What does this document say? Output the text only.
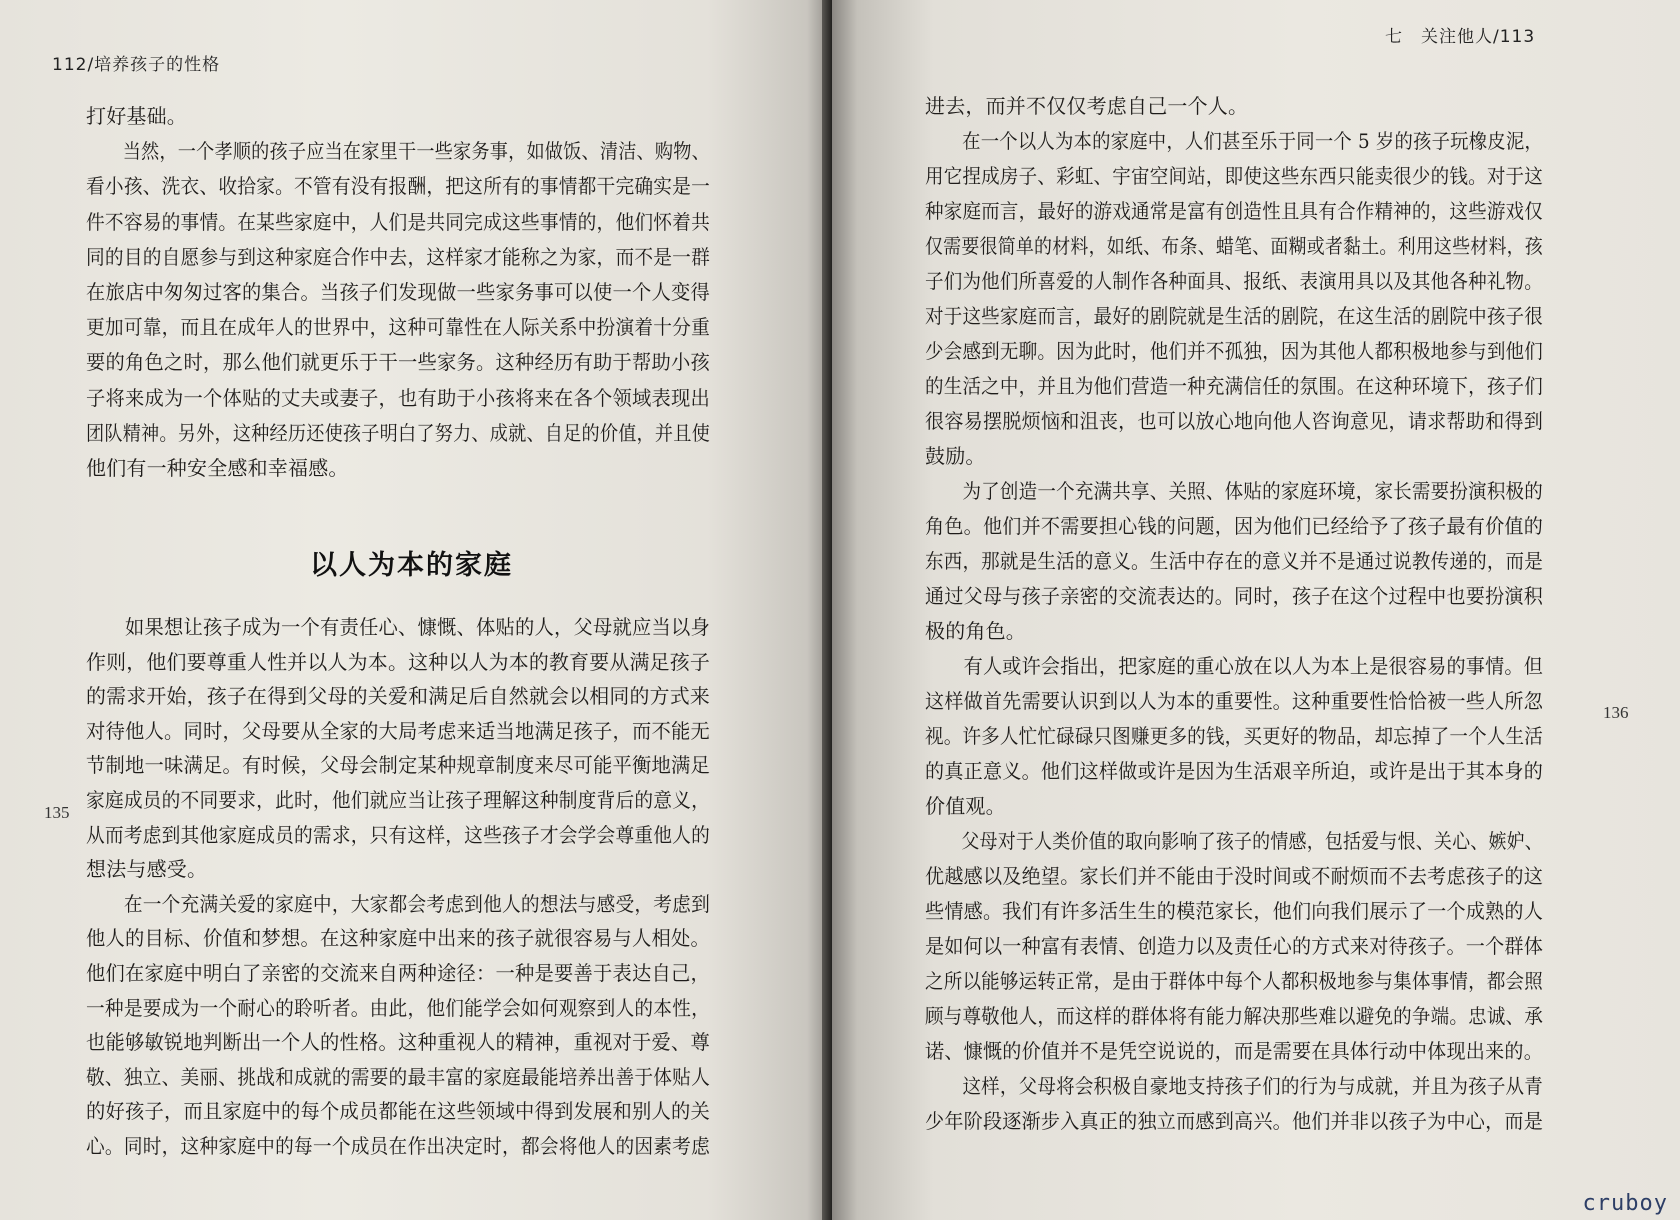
112/培养孩子的性格
135
打好基础。
　　当然，一个孝顺的孩子应当在家里干一些家务事，如做饭、清洁、购物、
看小孩、洗衣、收拾家。不管有没有报酬，把这所有的事情都干完确实是一
件不容易的事情。在某些家庭中，人们是共同完成这些事情的，他们怀着共
同的目的自愿参与到这种家庭合作中去，这样家才能称之为家，而不是一群
在旅店中匆匆过客的集合。当孩子们发现做一些家务事可以使一个人变得
更加可靠，而且在成年人的世界中，这种可靠性在人际关系中扮演着十分重
要的角色之时，那么他们就更乐于干一些家务。这种经历有助于帮助小孩
子将来成为一个体贴的丈夫或妻子，也有助于小孩将来在各个领域表现出
团队精神。另外，这种经历还使孩子明白了努力、成就、自足的价值，并且使
他们有一种安全感和幸福感。
以人为本的家庭
　　如果想让孩子成为一个有责任心、慷慨、体贴的人，父母就应当以身
作则，他们要尊重人性并以人为本。这种以人为本的教育要从满足孩子
的需求开始，孩子在得到父母的关爱和满足后自然就会以相同的方式来
对待他人。同时，父母要从全家的大局考虑来适当地满足孩子，而不能无
节制地一味满足。有时候，父母会制定某种规章制度来尽可能平衡地满足
家庭成员的不同要求，此时，他们就应当让孩子理解这种制度背后的意义，
从而考虑到其他家庭成员的需求，只有这样，这些孩子才会学会尊重他人的
想法与感受。
　　在一个充满关爱的家庭中，大家都会考虑到他人的想法与感受，考虑到
他人的目标、价值和梦想。在这种家庭中出来的孩子就很容易与人相处。
他们在家庭中明白了亲密的交流来自两种途径：一种是要善于表达自己，
一种是要成为一个耐心的聆听者。由此，他们能学会如何观察到人的本性，
也能够敏锐地判断出一个人的性格。这种重视人的精神，重视对于爱、尊
敬、独立、美丽、挑战和成就的需要的最丰富的家庭最能培养出善于体贴人
的好孩子，而且家庭中的每个成员都能在这些领域中得到发展和别人的关
心。同时，这种家庭中的每一个成员在作出决定时，都会将他人的因素考虑
七　关注他人/113
136
进去，而并不仅仅考虑自己一个人。
　　在一个以人为本的家庭中，人们甚至乐于同一个 5 岁的孩子玩橡皮泥，
用它捏成房子、彩虹、宇宙空间站，即使这些东西只能卖很少的钱。对于这
种家庭而言，最好的游戏通常是富有创造性且具有合作精神的，这些游戏仅
仅需要很简单的材料，如纸、布条、蜡笔、面糊或者黏土。利用这些材料，孩
子们为他们所喜爱的人制作各种面具、报纸、表演用具以及其他各种礼物。
对于这些家庭而言，最好的剧院就是生活的剧院，在这生活的剧院中孩子很
少会感到无聊。因为此时，他们并不孤独，因为其他人都积极地参与到他们
的生活之中，并且为他们营造一种充满信任的氛围。在这种环境下，孩子们
很容易摆脱烦恼和沮丧，也可以放心地向他人咨询意见，请求帮助和得到
鼓励。
　　为了创造一个充满共享、关照、体贴的家庭环境，家长需要扮演积极的
角色。他们并不需要担心钱的问题，因为他们已经给予了孩子最有价值的
东西，那就是生活的意义。生活中存在的意义并不是通过说教传递的，而是
通过父母与孩子亲密的交流表达的。同时，孩子在这个过程中也要扮演积
极的角色。
　　有人或许会指出，把家庭的重心放在以人为本上是很容易的事情。但
这样做首先需要认识到以人为本的重要性。这种重要性恰恰被一些人所忽
视。许多人忙忙碌碌只图赚更多的钱，买更好的物品，却忘掉了一个人生活
的真正意义。他们这样做或许是因为生活艰辛所迫，或许是出于其本身的
价值观。
　　父母对于人类价值的取向影响了孩子的情感，包括爱与恨、关心、嫉妒、
优越感以及绝望。家长们并不能由于没时间或不耐烦而不去考虑孩子的这
些情感。我们有许多活生生的模范家长，他们向我们展示了一个成熟的人
是如何以一种富有表情、创造力以及责任心的方式来对待孩子。一个群体
之所以能够运转正常，是由于群体中每个人都积极地参与集体事情，都会照
顾与尊敬他人，而这样的群体将有能力解决那些难以避免的争端。忠诚、承
诺、慷慨的价值并不是凭空说说的，而是需要在具体行动中体现出来的。
　　这样，父母将会积极自豪地支持孩子们的行为与成就，并且为孩子从青
少年阶段逐渐步入真正的独立而感到高兴。他们并非以孩子为中心，而是
cruboy
